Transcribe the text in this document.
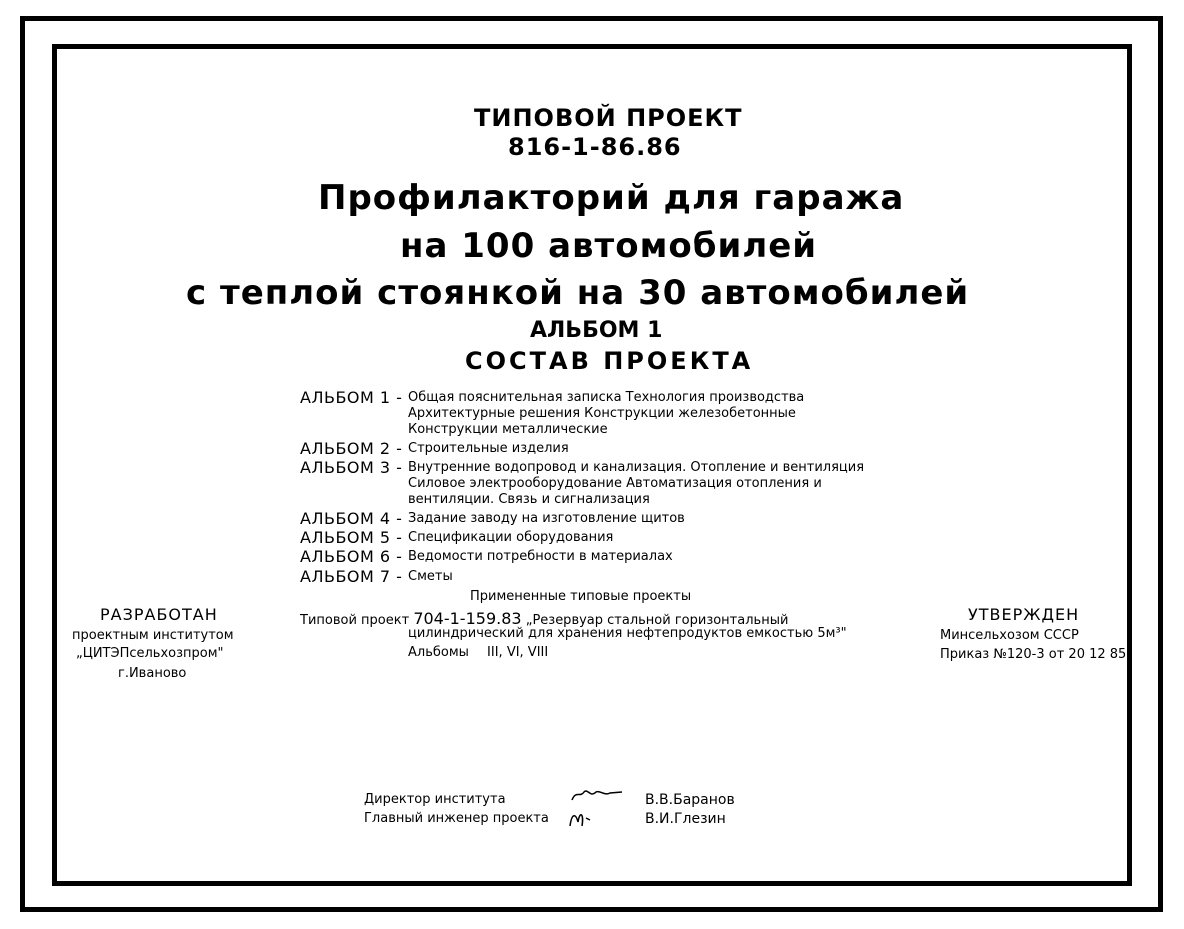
ТИПОВОЙ ПРОЕКТ
816-1-86.86
Профилакторий для гаража
на 100 автомобилей
с теплой стоянкой на 30 автомобилей
АЛЬБОМ 1
СОСТАВ ПРОЕКТА
АЛЬБОМ 1 - Общая пояснительная записка Технология производства
Архитектурные решения Конструкции железобетонные
Конструкции металлические
АЛЬБОМ 2 - Строительные изделия
АЛЬБОМ 3 - Внутренние водопровод и канализация. Отопление и вентиляция
Силовое электрооборудование Автоматизация отопления и
вентиляции. Связь и сигнализация
АЛЬБОМ 4 - Задание заводу на изготовление щитов
АЛЬБОМ 5 - Спецификации оборудования
АЛЬБОМ 6 - Ведомости потребности в материалах
АЛЬБОМ 7 - Сметы
Примененные типовые проекты
Типовой проект 704-1-159.83 „Резервуар стальной горизонтальный
цилиндрический для хранения нефтепродуктов емкостью 5м³"
Альбомы III, VI, VIII
РАЗРАБОТАН
проектным институтом
„ЦИТЭПсельхозпром"
г.Иваново
УТВЕРЖДЕН
Минсельхозом СССР
Приказ №120-3 от 20 12 85
Директор института
Главный инженер проекта
В.В.Баранов
В.И.Глезин
